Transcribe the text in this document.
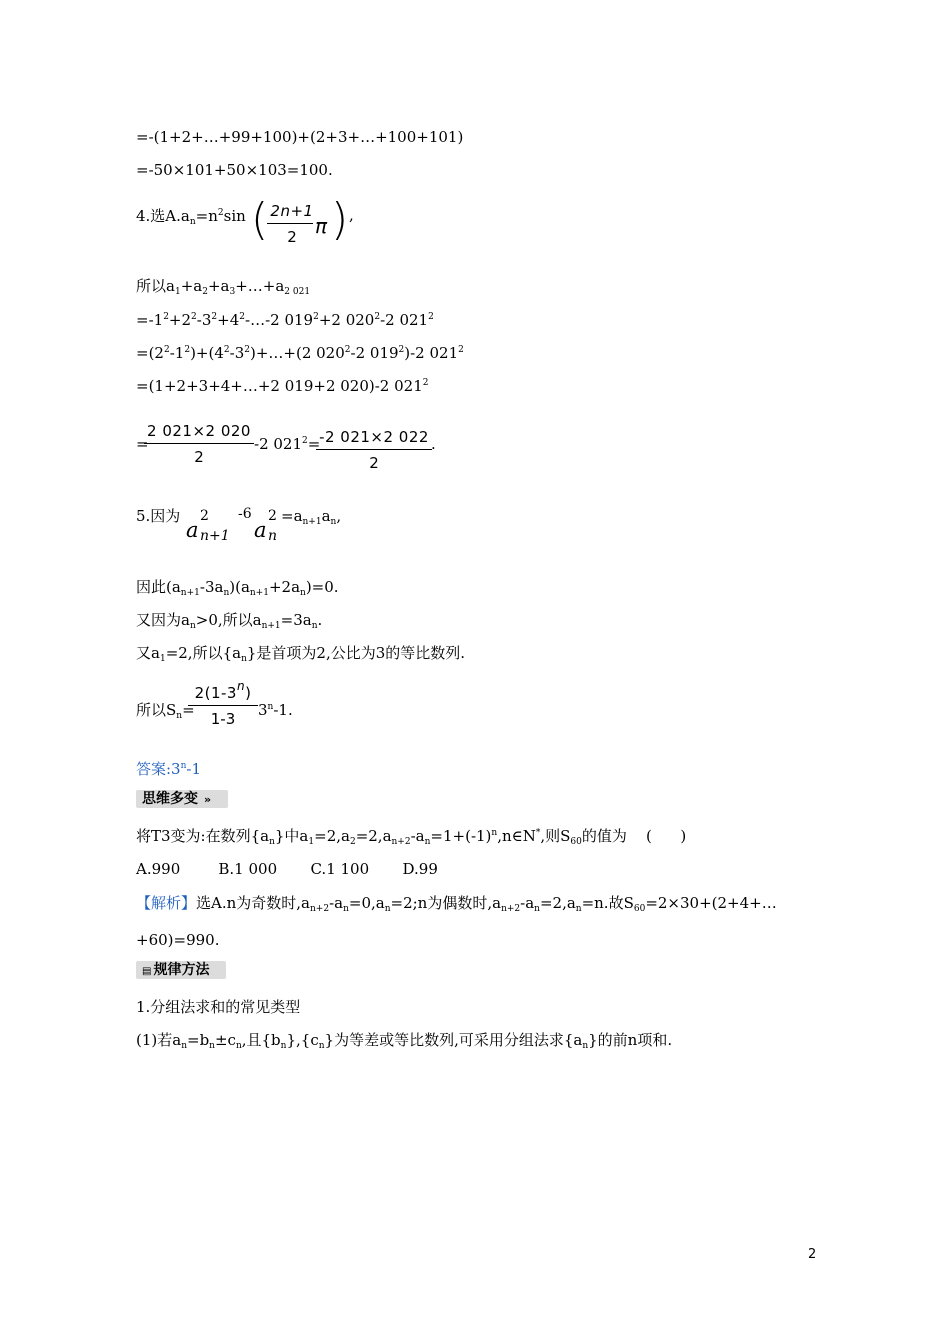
=-(1+2+…+99+100)+(2+3+…+100+101)
=-50×101+50×103=100.
4.选$A.a_n=n^2\sin$ ( 2n+1
2 π ) ,
所以$a_1+a_2+a_3+\dots+a_{2 021}$
$=-1^2+2^2-3^2+4^2-\dots-2$ $019^2+2$ $020^2-2$ $021^2$
$=(2^2-1^2)+(4^2-3^2)+\dots+(2$ $020^2-2$ $019^2)-2$ $021^2$
=(1+2+3+4+…+2 019+2 020)-2 $021^2$
=
2 021×2 020
2
-2 $021^2=$
-2 021×2 022
2
.
5.因为
a
2
n+1
-6
a
2
n
$=a_{n+1}a_n$,
因此$(a_{n+1}-3a_n)(a_{n+1}+2a_n)=0$.
又因为$a_n>0$,所以$a_{n+1}=3a_n$.
又$a_1=2$,所以$\{a_n\}$是首项为2,公比为3的等比数列.
所以$S_n=$
$2(1-3^n)$
1-3	3$^n$-1.
答案:3$^n$-1
思维多变 »
将T3变为:在数列$\{a_n\}$中$a_1=2,a_2=2,a_{n+2}-a_n=1+(-1)^n,n\in N^*$,则$S_{60}$的值为    (      )
A.990        B.1 000       C.1 100       D.99
【解析】选A.n为奇数时$,a_{n+2}-a_n=0,a_n=2;n$为偶数时$,a_{n+2}-a_n=2,a_n=n$.故$S_{60}=2\times 30+(2+4+\dots$
+60)=990.
▤ 规律方法
1.分组法求和的常见类型
(1)若$a_n=b_n\pm c_n$,且$\{b_n\},\{c_n\}$为等差或等比数列,可采用分组法求$\{a_n\}$的前n项和.
2
